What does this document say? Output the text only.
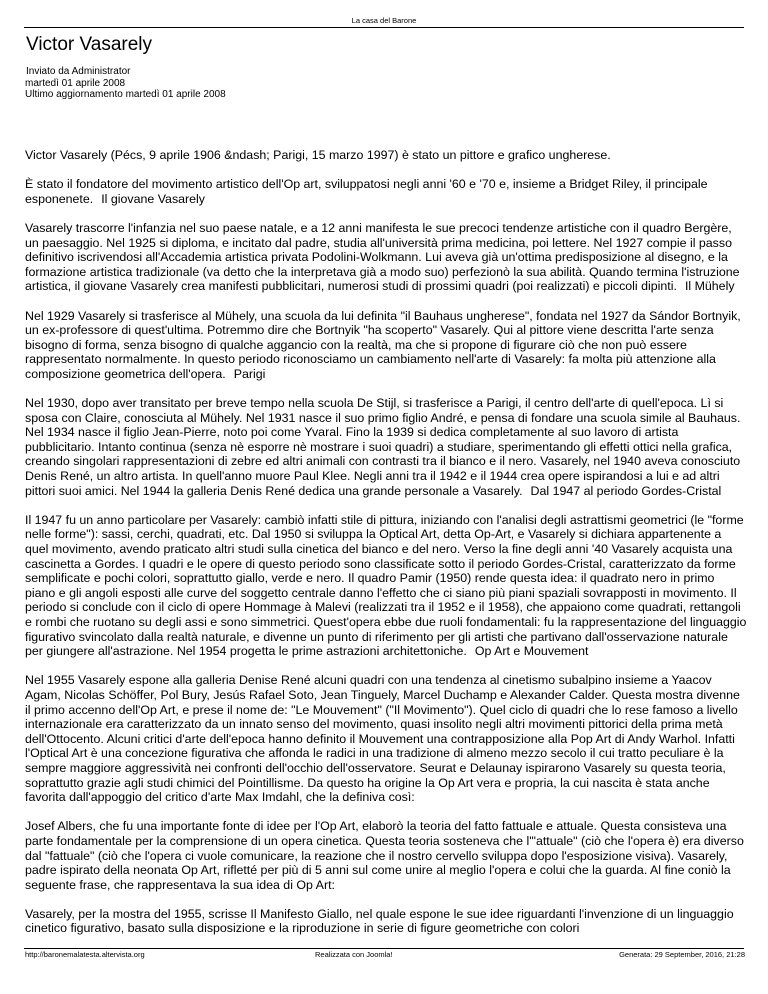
La casa del Barone
Victor Vasarely
Inviato da Administrator
martedì 01 aprile 2008
Ultimo aggiornamento martedì 01 aprile 2008

Victor Vasarely (Pécs, 9 aprile 1906 &ndash; Parigi, 15 marzo 1997) è stato un pittore e grafico ungherese.

È stato il fondatore del movimento artistico dell'Op art, sviluppatosi negli anni '60 e '70 e, insieme a Bridget Riley, il principale esponenete. Il giovane Vasarely

Vasarely trascorre l'infanzia nel suo paese natale, e a 12 anni manifesta le sue precoci tendenze artistiche con il quadro Bergère, un paesaggio. Nel 1925 si diploma, e incitato dal padre, studia all'università prima medicina, poi lettere. Nel 1927 compie il passo definitivo iscrivendosi all'Accademia artistica privata Podolini-Wolkmann. Lui aveva già un'ottima predisposizione al disegno, e la formazione artistica tradizionale (va detto che la interpretava già a modo suo) perfezionò la sua abilità. Quando termina l'istruzione artistica, il giovane Vasarely crea manifesti pubblicitari, numerosi studi di prossimi quadri (poi realizzati) e piccoli dipinti. Il Mühely

Nel 1929 Vasarely si trasferisce al Mühely, una scuola da lui definita "il Bauhaus ungherese", fondata nel 1927 da Sándor Bortnyik, un ex-professore di quest'ultima. Potremmo dire che Bortnyik "ha scoperto" Vasarely. Qui al pittore viene descritta l'arte senza bisogno di forma, senza bisogno di qualche aggancio con la realtà, ma che si propone di figurare ciò che non può essere rappresentato normalmente. In questo periodo riconosciamo un cambiamento nell'arte di Vasarely: fa molta più attenzione alla composizione geometrica dell'opera. Parigi

Nel 1930, dopo aver transitato per breve tempo nella scuola De Stijl, si trasferisce a Parigi, il centro dell'arte di quell'epoca. Lì si sposa con Claire, conosciuta al Mühely. Nel 1931 nasce il suo primo figlio André, e pensa di fondare una scuola simile al Bauhaus. Nel 1934 nasce il figlio Jean-Pierre, noto poi come Yvaral. Fino la 1939 si dedica completamente al suo lavoro di artista pubblicitario. Intanto continua (senza nè esporre nè mostrare i suoi quadri) a studiare, sperimentando gli effetti ottici nella grafica, creando singolari rappresentazioni di zebre ed altri animali con contrasti tra il bianco e il nero. Vasarely, nel 1940 aveva conosciuto Denis René, un altro artista. In quell'anno muore Paul Klee. Negli anni tra il 1942 e il 1944 crea opere ispirandosi a lui e ad altri pittori suoi amici. Nel 1944 la galleria Denis René dedica una grande personale a Vasarely. Dal 1947 al periodo Gordes-Cristal

Il 1947 fu un anno particolare per Vasarely: cambiò infatti stile di pittura, iniziando con l'analisi degli astrattismi geometrici (le "forme nelle forme"): sassi, cerchi, quadrati, etc. Dal 1950 si sviluppa la Optical Art, detta Op-Art, e Vasarely si dichiara appartenente a quel movimento, avendo praticato altri studi sulla cinetica del bianco e del nero. Verso la fine degli anni '40 Vasarely acquista una cascinetta a Gordes. I quadri e le opere di questo periodo sono classificate sotto il periodo Gordes-Cristal, caratterizzato da forme semplificate e pochi colori, soprattutto giallo, verde e nero. Il quadro Pamir (1950) rende questa idea: il quadrato nero in primo piano e gli angoli esposti alle curve del soggetto centrale danno l'effetto che ci siano più piani spaziali sovrapposti in movimento. Il periodo si conclude con il ciclo di opere Hommage à Malevi (realizzati tra il 1952 e il 1958), che appaiono come quadrati, rettangoli e rombi che ruotano su degli assi e sono simmetrici. Quest'opera ebbe due ruoli fondamentali: fu la rappresentazione del linguaggio figurativo svincolato dalla realtà naturale, e divenne un punto di riferimento per gli artisti che partivano dall'osservazione naturale per giungere all'astrazione. Nel 1954 progetta le prime astrazioni architettoniche. Op Art e Mouvement

Nel 1955 Vasarely espone alla galleria Denise René alcuni quadri con una tendenza al cinetismo subalpino insieme a Yaacov Agam, Nicolas Schöffer, Pol Bury, Jesús Rafael Soto, Jean Tinguely, Marcel Duchamp e Alexander Calder. Questa mostra divenne il primo accenno dell'Op Art, e prese il nome de: "Le Mouvement" ("Il Movimento"). Quel ciclo di quadri che lo rese famoso a livello internazionale era caratterizzato da un innato senso del movimento, quasi insolito negli altri movimenti pittorici della prima metà dell'Ottocento. Alcuni critici d'arte dell'epoca hanno definito il Mouvement una contrapposizione alla Pop Art di Andy Warhol. Infatti l'Optical Art è una concezione figurativa che affonda le radici in una tradizione di almeno mezzo secolo il cui tratto peculiare è la sempre maggiore aggressività nei confronti dell'occhio dell'osservatore. Seurat e Delaunay ispirarono Vasarely su questa teoria, soprattutto grazie agli studi chimici del Pointillisme. Da questo ha origine la Op Art vera e propria, la cui nascita è stata anche favorita dall'appoggio del critico d'arte Max Imdahl, che la definiva così:

Josef Albers, che fu una importante fonte di idee per l'Op Art, elaborò la teoria del fatto fattuale e attuale. Questa consisteva una parte fondamentale per la comprensione di un opera cinetica. Questa teoria sosteneva che l'"attuale" (ciò che l'opera è) era diverso dal "fattuale" (ciò che l'opera ci vuole comunicare, la reazione che il nostro cervello sviluppa dopo l'esposizione visiva). Vasarely, padre ispirato della neonata Op Art, rifletté per più di 5 anni sul come unire al meglio l'opera e colui che la guarda. Al fine coniò la seguente frase, che rappresentava la sua idea di Op Art:

Vasarely, per la mostra del 1955, scrisse Il Manifesto Giallo, nel quale espone le sue idee riguardanti l'invenzione di un linguaggio cinetico figurativo, basato sulla disposizione e la riproduzione in serie di figure geometriche con colori

http://baronemalatesta.altervista.org	Realizzata con Joomla!	Generata: 29 September, 2016, 21:28
